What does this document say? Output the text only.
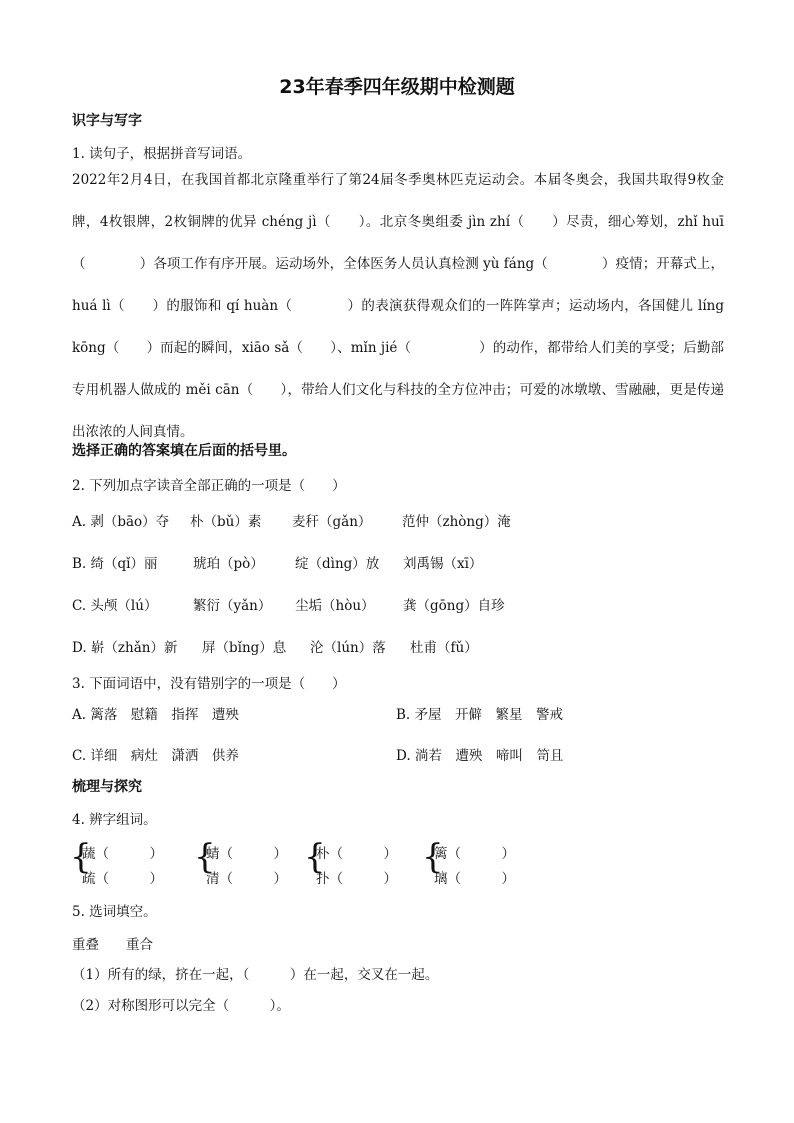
23年春季四年级期中检测题
识字与写字
1. 读句子，根据拼音写词语。
2022年2月4日，在我国首都北京隆重举行了第24届冬季奥林匹克运动会。本届冬奥会，我国共取得9枚金牌，4枚银牌，2枚铜牌的优异 chéng jì（　　）。北京冬奥组委 jìn zhí（　　）尽责，细心筹划，zhǐ huī（　　　　）各项工作有序开展。运动场外，全体医务人员认真检测 yù fáng（　　　　）疫情；开幕式上，huá lì（　　）的服饰和 qí huàn（　　　　）的表演获得观众们的一阵阵掌声；运动场内，各国健儿 líng kōng（　　）而起的瞬间，xiāo sǎ（　　）、mǐn jié（　　　　　）的动作，都带给人们美的享受；后勤部专用机器人做成的 měi cān（　　），带给人们文化与科技的全方位冲击；可爱的冰墩墩、雪融融，更是传递出浓浓的人间真情。
选择正确的答案填在后面的括号里。
2. 下列加点字读音全部正确的一项是（　　）
A. 剥（bāo）夺 朴（bǔ）素 麦秆（gǎn） 范仲（zhòng）淹
B. 绮（qǐ）丽	琥珀（pò） 绽（dìng）放 刘禹锡（xī）
C. 头颅（lú）	繁衍（yǎn） 尘垢（hòu） 龚（gōng）自珍
D. 崭（zhǎn）新 屏（bǐng）息 沦（lún）落 杜甫（fǔ）
3. 下面词语中，没有错别字的一项是（　　）
A. 篱落　慰籍　指挥　遭殃	B. 矛屋　开僻　繁星　警戒
C. 详细　病灶　潇洒　供养	D. 淌若　遭殃　啼叫　笥且
梳理与探究
4. 辨字组词。
{
蔬（　　　）
疏（　　　）
{
蜻（　　　）
清（　　　）
{
朴（　　　）
扑（　　　）
{
篱（　　　）
璃（　　　）
5. 选词填空。
重叠　　重合
（1）所有的绿，挤在一起，（　　　）在一起，交叉在一起。
（2）对称图形可以完全（　　　）。
